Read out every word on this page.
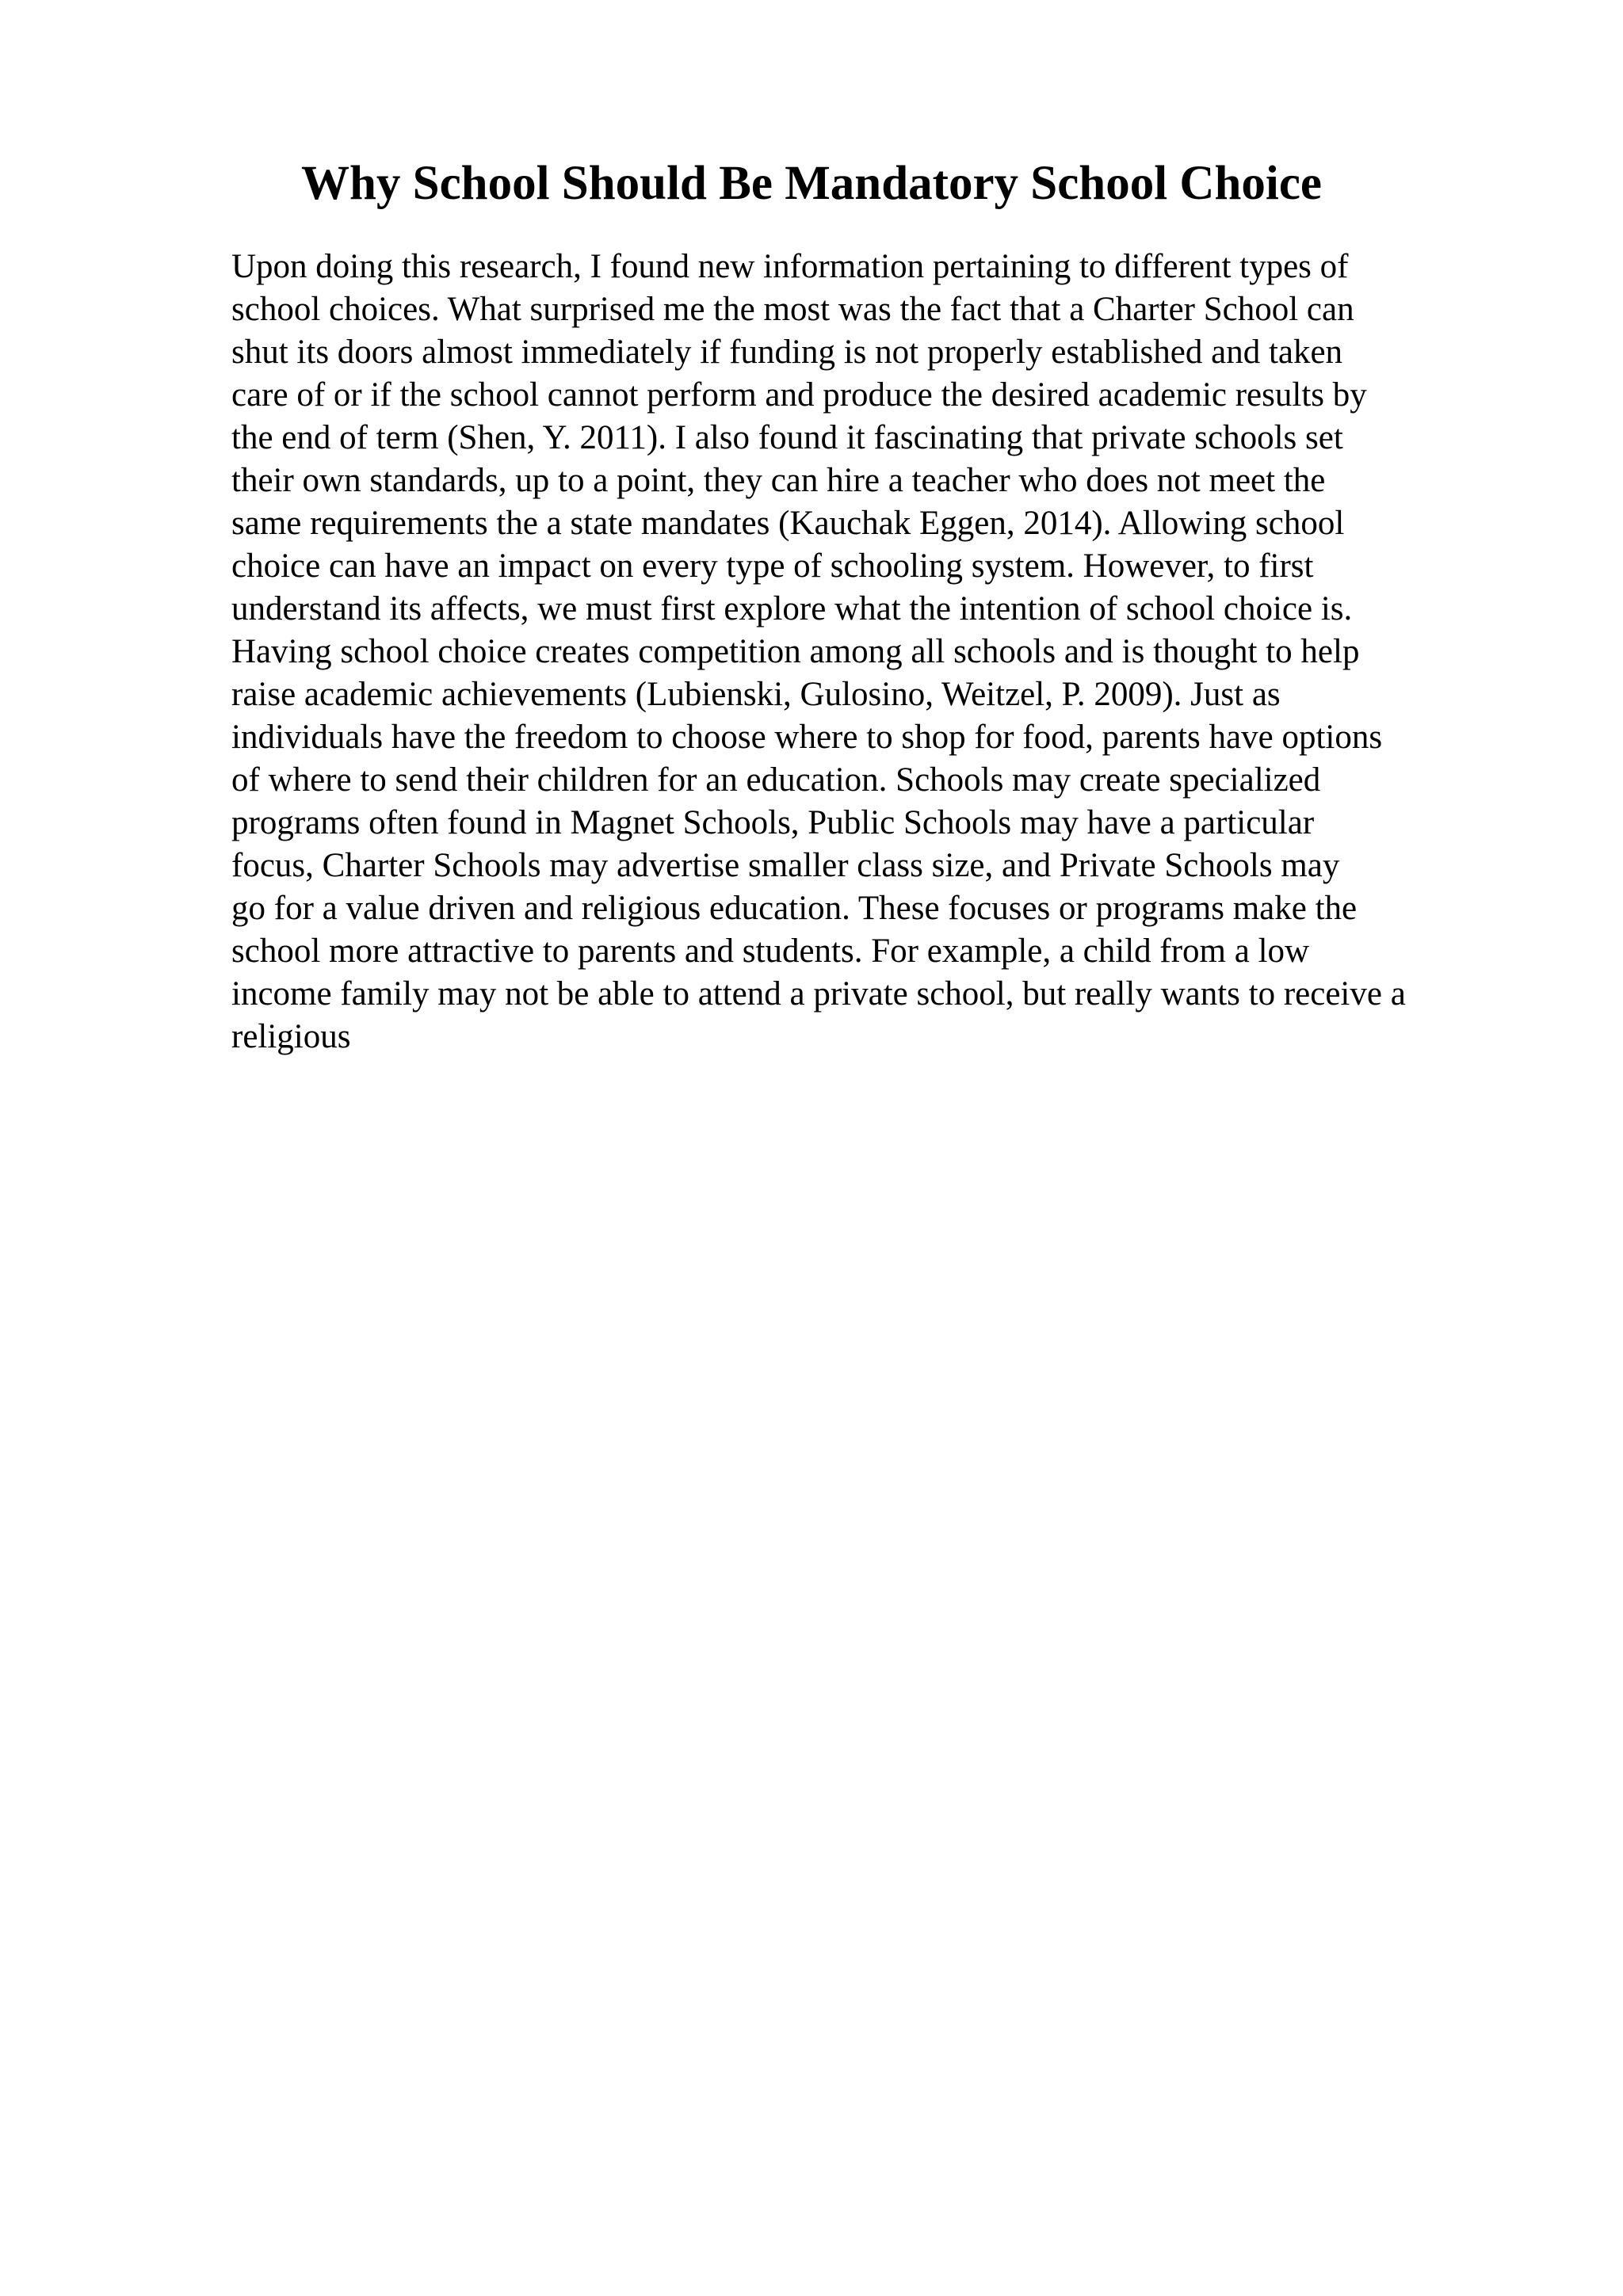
Why School Should Be Mandatory School Choice
Upon doing this research, I found new information pertaining to different types of
school choices. What surprised me the most was the fact that a Charter School can
shut its doors almost immediately if funding is not properly established and taken
care of or if the school cannot perform and produce the desired academic results by
the end of term (Shen, Y. 2011). I also found it fascinating that private schools set
their own standards, up to a point, they can hire a teacher who does not meet the
same requirements the a state mandates (Kauchak Eggen, 2014). Allowing school
choice can have an impact on every type of schooling system. However, to first
understand its affects, we must first explore what the intention of school choice is.
Having school choice creates competition among all schools and is thought to help
raise academic achievements (Lubienski, Gulosino, Weitzel, P. 2009). Just as
individuals have the freedom to choose where to shop for food, parents have options
of where to send their children for an education. Schools may create specialized
programs often found in Magnet Schools, Public Schools may have a particular
focus, Charter Schools may advertise smaller class size, and Private Schools may
go for a value driven and religious education. These focuses or programs make the
school more attractive to parents and students. For example, a child from a low
income family may not be able to attend a private school, but really wants to receive a
religious
